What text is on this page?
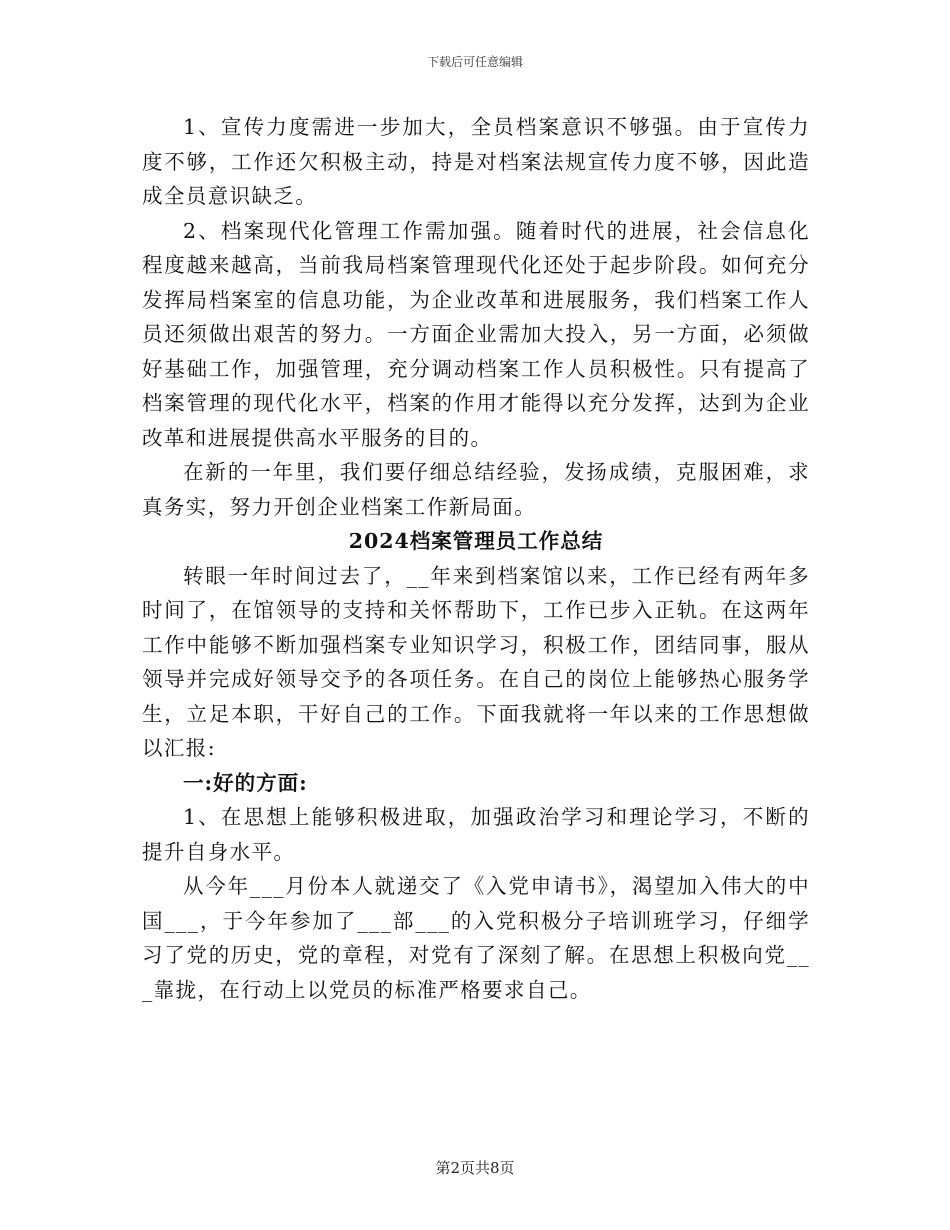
下载后可任意编辑

1、宣传力度需进一步加大，全员档案意识不够强。由于宣传力度不够，工作还欠积极主动，持是对档案法规宣传力度不够，因此造成全员意识缺乏。

2、档案现代化管理工作需加强。随着时代的进展，社会信息化程度越来越高，当前我局档案管理现代化还处于起步阶段。如何充分发挥局档案室的信息功能，为企业改革和进展服务，我们档案工作人员还须做出艰苦的努力。一方面企业需加大投入，另一方面，必须做好基础工作，加强管理，充分调动档案工作人员积极性。只有提高了档案管理的现代化水平，档案的作用才能得以充分发挥，达到为企业改革和进展提供高水平服务的目的。

在新的一年里，我们要仔细总结经验，发扬成绩，克服困难，求真务实，努力开创企业档案工作新局面。

2024档案管理员工作总结

转眼一年时间过去了，__年来到档案馆以来，工作已经有两年多时间了，在馆领导的支持和关怀帮助下，工作已步入正轨。在这两年工作中能够不断加强档案专业知识学习，积极工作，团结同事，服从领导并完成好领导交予的各项任务。在自己的岗位上能够热心服务学生，立足本职，干好自己的工作。下面我就将一年以来的工作思想做以汇报:

一:好的方面:

1、在思想上能够积极进取，加强政治学习和理论学习，不断的提升自身水平。

从今年___月份本人就递交了《入党申请书》，渴望加入伟大的中国___，于今年参加了___部___的入党积极分子培训班学习，仔细学习了党的历史，党的章程，对党有了深刻了解。在思想上积极向党___靠拢，在行动上以党员的标准严格要求自己。

第2页共8页
